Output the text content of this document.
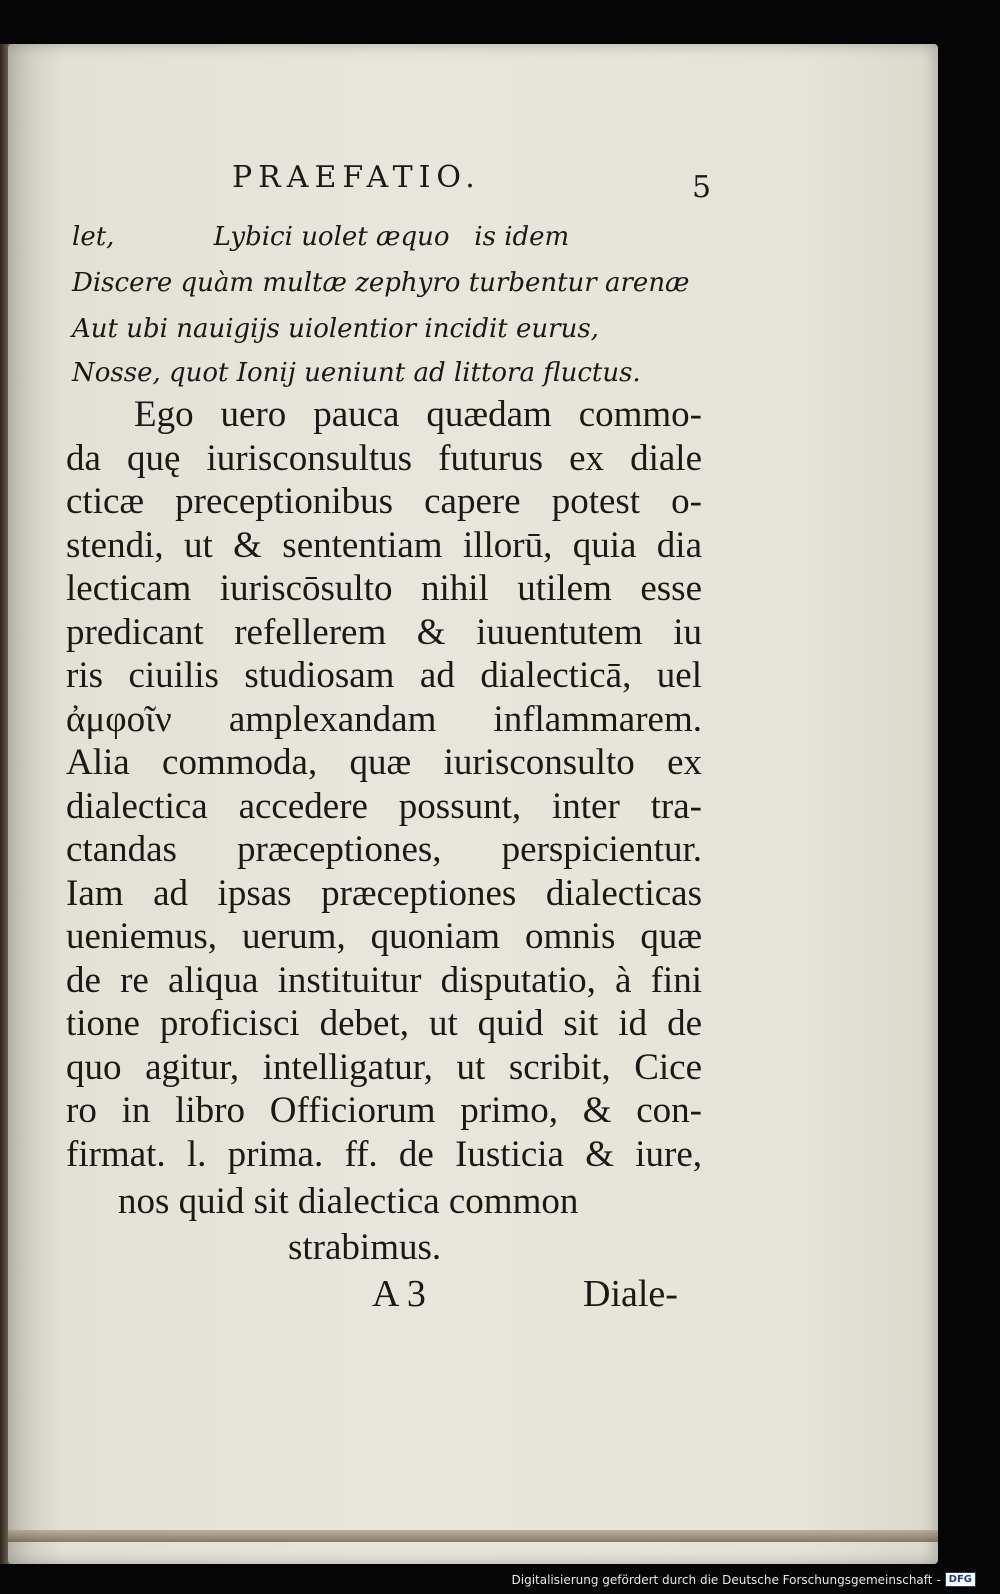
PRAEFATIO.	5
let,            Lybici uolet æquo   is idem
Discere quàm multæ zephyro turbentur arenæ
Aut ubi nauigijs uiolentior incidit eurus,
Nosse, quot Ionij ueniunt ad littora fluctus.
Ego uero pauca quædam commo-
da quę iurisconsultus futurus ex diale
cticæ preceptionibus capere potest o-
stendi, ut & sententiam illorū, quia dia
lecticam iuriscōsulto nihil utilem esse
predicant refellerem & iuuentutem iu
ris ciuilis studiosam ad dialecticā, uel
ἀμφοῖν amplexandam inflammarem.
Alia commoda, quæ iurisconsulto ex
dialectica accedere possunt, inter tra-
ctandas præceptiones, perspicientur.
Iam ad ipsas præceptiones dialecticas
ueniemus, uerum, quoniam omnis quæ
de re aliqua instituitur disputatio, à fini
tione proficisci debet, ut quid sit id de
quo agitur, intelligatur, ut scribit, Cice
ro in libro Officiorum primo, & con-
firmat. l. prima. ff. de Iusticia & iure,
nos quid sit dialectica common
strabimus.
A 3	Diale-
Digitalisierung gefördert durch die Deutsche Forschungsgemeinschaft - DFG
